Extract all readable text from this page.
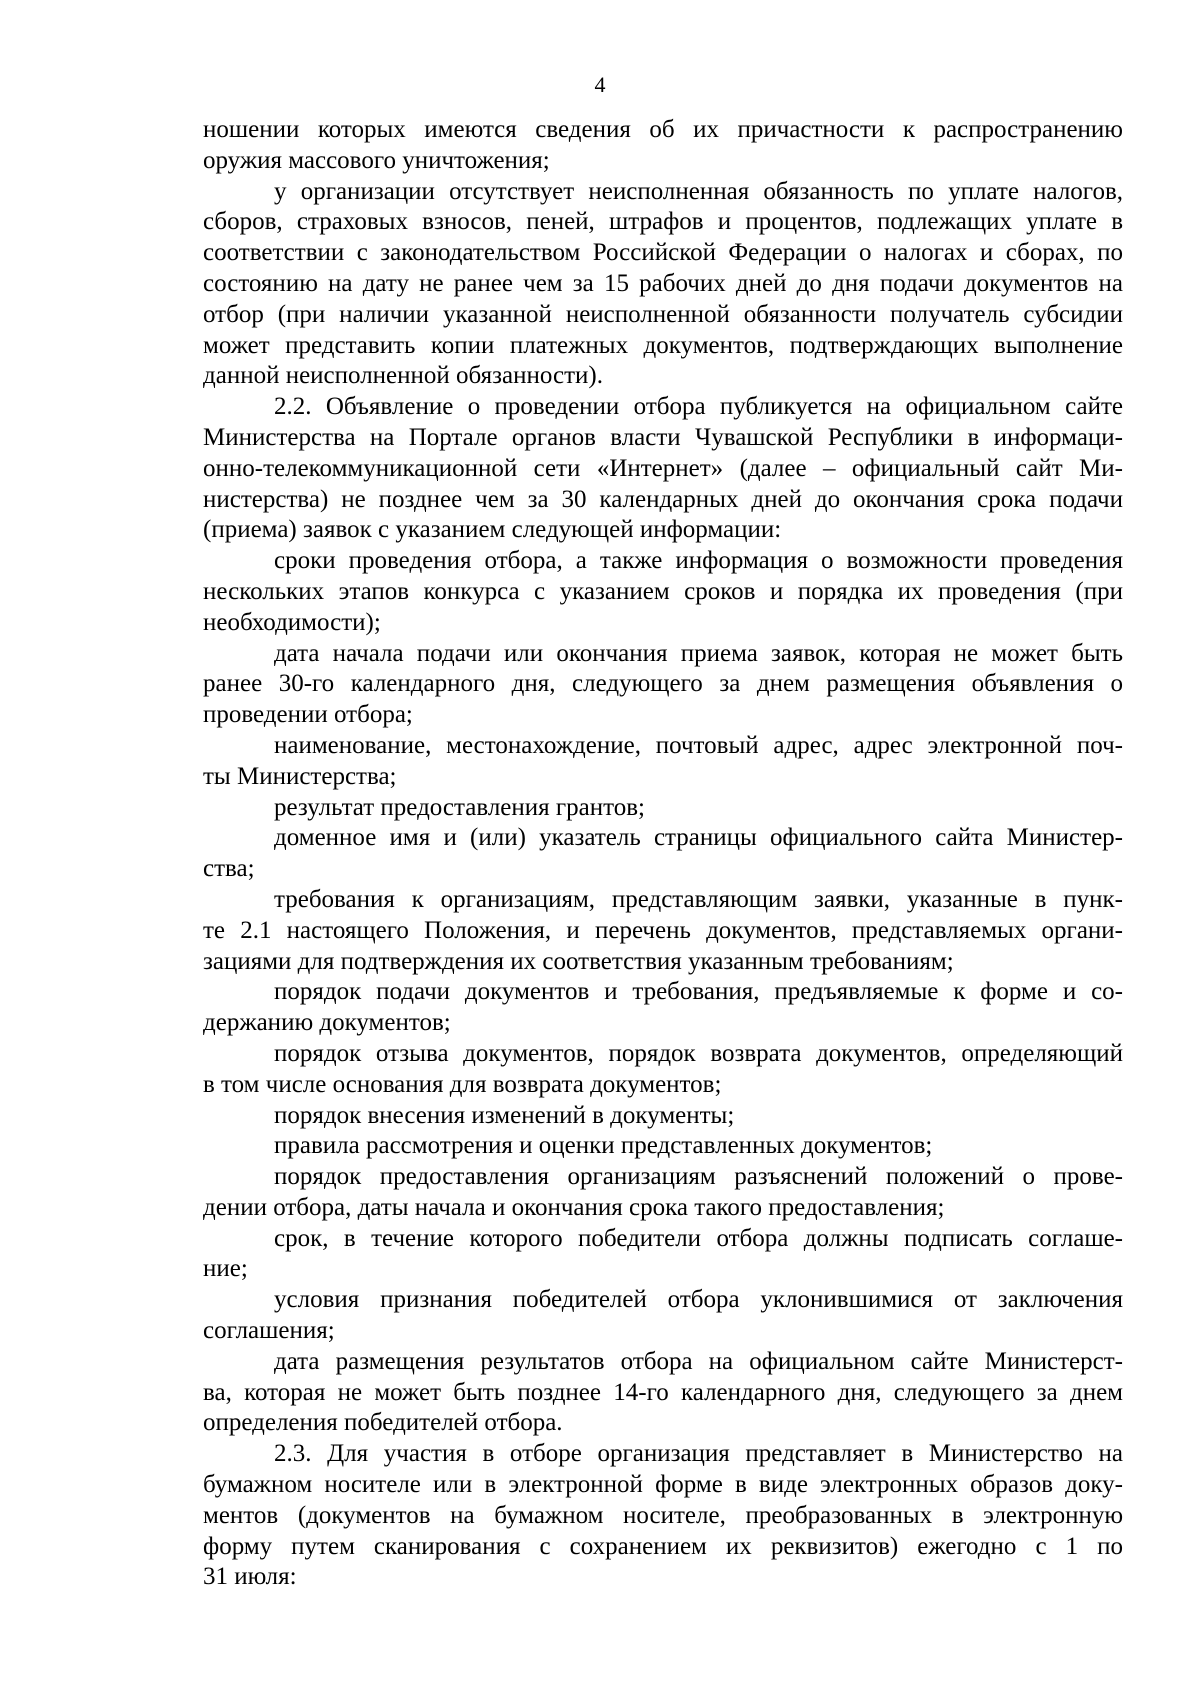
4

ношении которых имеются сведения об их причастности к распространению

оружия массового уничтожения;

у организации отсутствует неисполненная обязанность по уплате налогов,

сборов, страховых взносов, пеней, штрафов и процентов, подлежащих уплате в

соответствии с законодательством Российской Федерации о налогах и сборах, по

состоянию на дату не ранее чем за 15 рабочих дней до дня подачи документов на

отбор (при наличии указанной неисполненной обязанности получатель субсидии

может представить копии платежных документов, подтверждающих выполнение

данной неисполненной обязанности).

2.2. Объявление о проведении отбора публикуется на официальном сайте

Министерства на Портале органов власти Чувашской Республики в информаци-

онно-телекоммуникационной сети «Интернет» (далее – официальный сайт Ми-

нистерства) не позднее чем за 30 календарных дней до окончания срока подачи

(приема) заявок с указанием следующей информации:

сроки проведения отбора, а также информация о возможности проведения

нескольких этапов конкурса с указанием сроков и порядка их проведения (при

необходимости);

дата начала подачи или окончания приема заявок, которая не может быть

ранее 30-го календарного дня, следующего за днем размещения объявления о

проведении отбора;

наименование, местонахождение, почтовый адрес, адрес электронной поч-

ты Министерства;

результат предоставления грантов;

доменное имя и (или) указатель страницы официального сайта Министер-

ства;

требования к организациям, представляющим заявки, указанные в пунк-

те 2.1 настоящего Положения, и перечень документов, представляемых органи-

зациями для подтверждения их соответствия указанным требованиям;

порядок подачи документов и требования, предъявляемые к форме и со-

держанию документов;

порядок отзыва документов, порядок возврата документов, определяющий

в том числе основания для возврата документов;

порядок внесения изменений в документы;

правила рассмотрения и оценки представленных документов;

порядок предоставления организациям разъяснений положений о прове-

дении отбора, даты начала и окончания срока такого предоставления;

срок, в течение которого победители отбора должны подписать соглаше-

ние;

условия признания победителей отбора уклонившимися от заключения

соглашения;

дата размещения результатов отбора на официальном сайте Министерст-

ва, которая не может быть позднее 14-го календарного дня, следующего за днем

определения победителей отбора.

2.3. Для участия в отборе организация представляет в Министерство на

бумажном носителе или в электронной форме в виде электронных образов доку-

ментов (документов на бумажном носителе, преобразованных в электронную

форму путем сканирования с сохранением их реквизитов) ежегодно с 1 по

31 июля:
